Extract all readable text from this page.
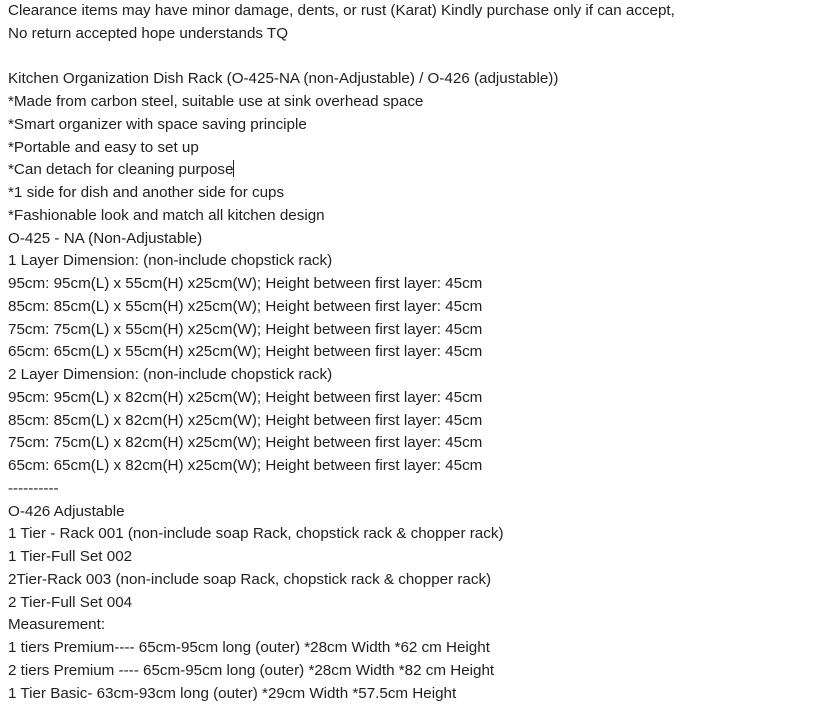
Clearance items may have minor damage, dents, or rust (Karat) Kindly purchase only if can accept,

No return accepted hope understands TQ

Kitchen Organization Dish Rack (O-425-NA (non-Adjustable) / O-426 (adjustable))

*Made from carbon steel, suitable use at sink overhead space

*Smart organizer with space saving principle

*Portable and easy to set up

*Can detach for cleaning purpose

*1 side for dish and another side for cups

*Fashionable look and match all kitchen design

O-425 - NA (Non-Adjustable)

1 Layer Dimension: (non-include chopstick rack)

95cm: 95cm(L) x 55cm(H) x25cm(W); Height between first layer: 45cm

85cm: 85cm(L) x 55cm(H) x25cm(W); Height between first layer: 45cm

75cm: 75cm(L) x 55cm(H) x25cm(W); Height between first layer: 45cm

65cm: 65cm(L) x 55cm(H) x25cm(W); Height between first layer: 45cm

2 Layer Dimension: (non-include chopstick rack)

95cm: 95cm(L) x 82cm(H) x25cm(W); Height between first layer: 45cm

85cm: 85cm(L) x 82cm(H) x25cm(W); Height between first layer: 45cm

75cm: 75cm(L) x 82cm(H) x25cm(W); Height between first layer: 45cm

65cm: 65cm(L) x 82cm(H) x25cm(W); Height between first layer: 45cm

----------

O-426 Adjustable

1 Tier - Rack 001 (non-include soap Rack, chopstick rack & chopper rack)

1 Tier-Full Set 002

2Tier-Rack 003 (non-include soap Rack, chopstick rack & chopper rack)

2 Tier-Full Set 004

Measurement:

1 tiers Premium---- 65cm-95cm long (outer) *28cm Width *62 cm Height

2 tiers Premium ---- 65cm-95cm long (outer) *28cm Width *82 cm Height

1 Tier Basic- 63cm-93cm long (outer) *29cm Width *57.5cm Height
